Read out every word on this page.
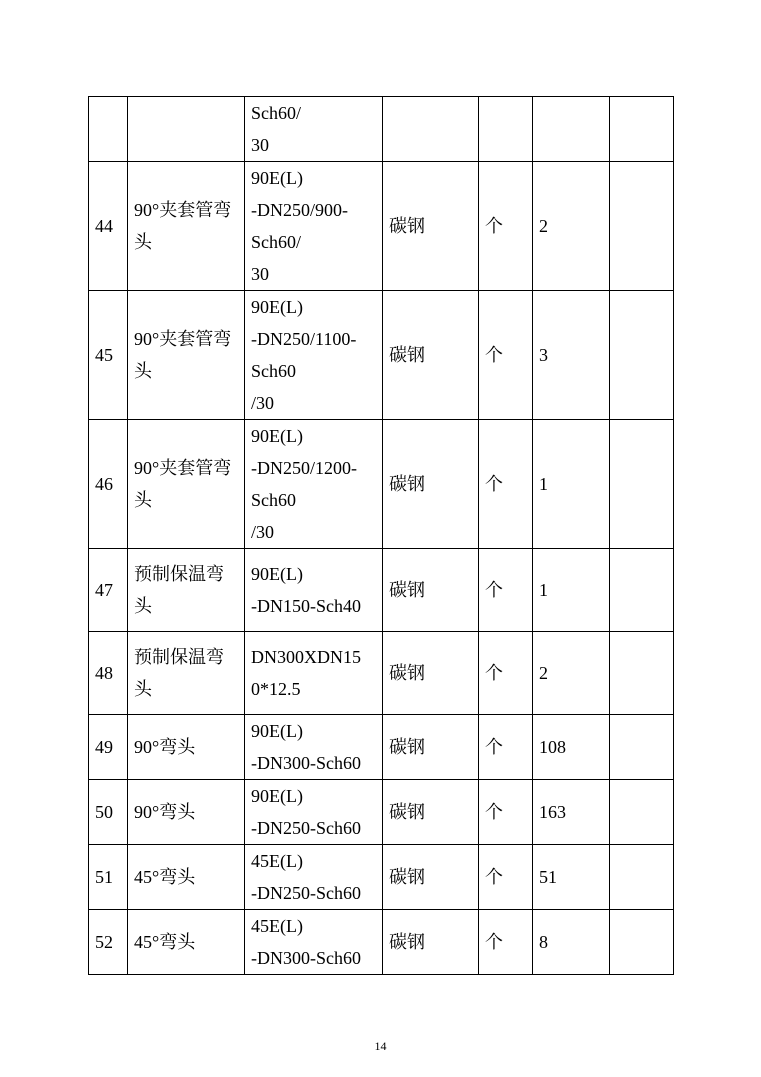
		Sch60/
30				
44	90°夹套管弯头	90E(L)
-DN250/900-
Sch60/
30	碳钢	个	2	
45	90°夹套管弯头	90E(L)
-DN250/1100-
Sch60
/30	碳钢	个	3	
46	90°夹套管弯头	90E(L)
-DN250/1200-
Sch60
/30	碳钢	个	1	
47	预制保温弯头	90E(L)
-DN150-Sch40	碳钢	个	1	
48	预制保温弯头	DN300XDN15
0*12.5	碳钢	个	2	
49	90°弯头	90E(L)
-DN300-Sch60	碳钢	个	108	
50	90°弯头	90E(L)
-DN250-Sch60	碳钢	个	163	
51	45°弯头	45E(L)
-DN250-Sch60	碳钢	个	51	
52	45°弯头	45E(L)
-DN300-Sch60	碳钢	个	8	
14
